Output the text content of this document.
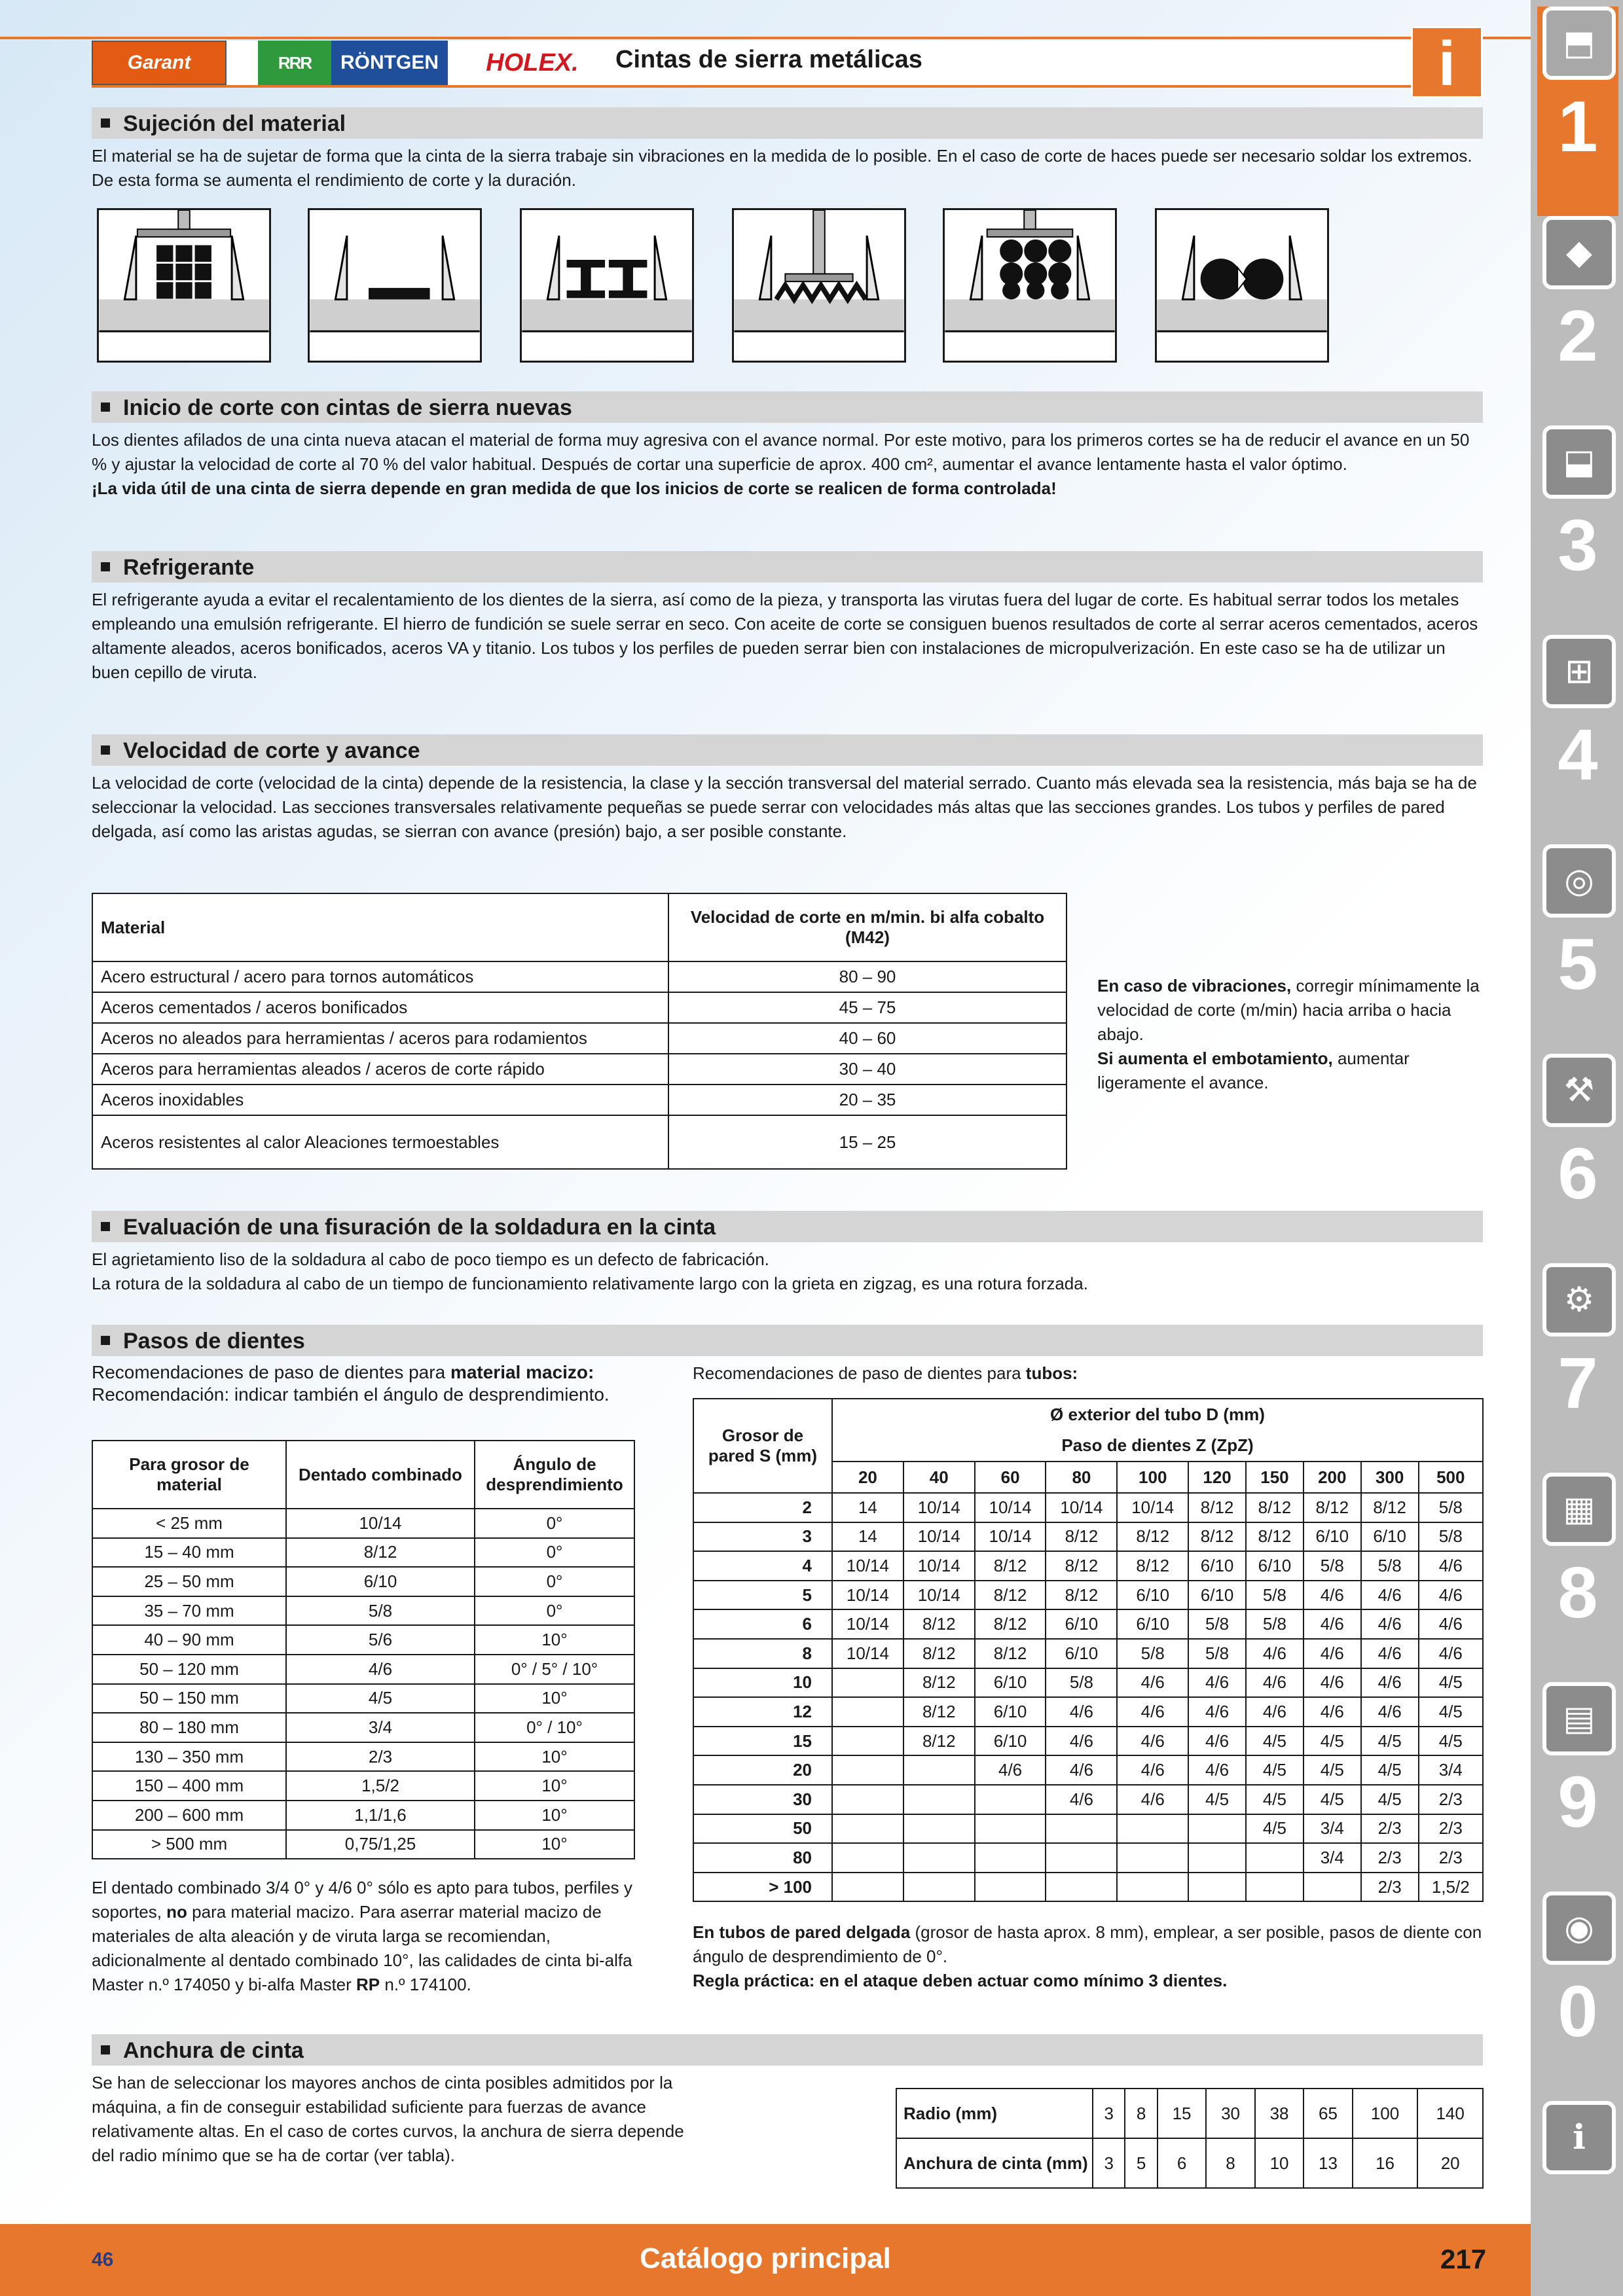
Garant	RRR	RÖNTGEN	HOLEX.	Cintas de sierra metálicas	i
Sujeción del material
El material se ha de sujetar de forma que la cinta de la sierra trabaje sin vibraciones en la medida de lo posible. En el caso de corte de haces puede ser necesario soldar los extremos. De esta forma se aumenta el rendimiento de corte y la duración.
Inicio de corte con cintas de sierra nuevas
Los dientes afilados de una cinta nueva atacan el material de forma muy agresiva con el avance normal. Por este motivo, para los primeros cortes se ha de reducir el avance en un 50 % y ajustar la velocidad de corte al 70 % del valor habitual. Después de cortar una superficie de aprox. 400 cm², aumentar el avance lentamente hasta el valor óptimo.
¡La vida útil de una cinta de sierra depende en gran medida de que los inicios de corte se realicen de forma controlada!
Refrigerante
El refrigerante ayuda a evitar el recalentamiento de los dientes de la sierra, así como de la pieza, y transporta las virutas fuera del lugar de corte. Es habitual serrar todos los metales empleando una emulsión refrigerante. El hierro de fundición se suele serrar en seco. Con aceite de corte se consiguen buenos resultados de corte al serrar aceros cementados, aceros altamente aleados, aceros bonificados, aceros VA y titanio. Los tubos y los perfiles de pueden serrar bien con instalaciones de micropulverización. En este caso se ha de utilizar un buen cepillo de viruta.
Velocidad de corte y avance
La velocidad de corte (velocidad de la cinta) depende de la resistencia, la clase y la sección transversal del material serrado. Cuanto más elevada sea la resistencia, más baja se ha de seleccionar la velocidad. Las secciones transversales relativamente pequeñas se puede serrar con velocidades más altas que las secciones grandes. Los tubos y perfiles de pared delgada, así como las aristas agudas, se sierran con avance (presión) bajo, a ser posible constante.
Material	Velocidad de corte en m/min. bi alfa cobalto (M42)
Acero estructural / acero para tornos automáticos	80 – 90
Aceros cementados / aceros bonificados	45 – 75
Aceros no aleados para herramientas / aceros para rodamientos	40 – 60
Aceros para herramientas aleados / aceros de corte rápido	30 – 40
Aceros inoxidables	20 – 35
Aceros resistentes al calor Aleaciones termoestables	15 – 25
En caso de vibraciones, corregir mínimamente la velocidad de corte (m/min) hacia arriba o hacia abajo.
Si aumenta el embotamiento, aumentar ligeramente el avance.
Evaluación de una fisuración de la soldadura en la cinta
El agrietamiento liso de la soldadura al cabo de poco tiempo es un defecto de fabricación.
La rotura de la soldadura al cabo de un tiempo de funcionamiento relativamente largo con la grieta en zigzag, es una rotura forzada.
Pasos de dientes
Recomendaciones de paso de dientes para material macizo:
Recomendación: indicar también el ángulo de desprendimiento.
Recomendaciones de paso de dientes para tubos:
Para grosor de material	Dentado combinado	Ángulo de desprendimiento
< 25 mm	10/14	0°
15 – 40 mm	8/12	0°
25 – 50 mm	6/10	0°
35 – 70 mm	5/8	0°
40 – 90 mm	5/6	10°
50 – 120 mm	4/6	0° / 5° / 10°
50 – 150 mm	4/5	10°
80 – 180 mm	3/4	0° / 10°
130 – 350 mm	2/3	10°
150 – 400 mm	1,5/2	10°
200 – 600 mm	1,1/1,6	10°
> 500 mm	0,75/1,25	10°
Grosor de pared S (mm)	Ø exterior del tubo D (mm)									
	Paso de dientes Z (ZpZ)									
	20	40	60	80	100	120	150	200	300	500
2	14	10/14	10/14	10/14	10/14	8/12	8/12	8/12	8/12	5/8
3	14	10/14	10/14	8/12	8/12	8/12	8/12	6/10	6/10	5/8
4	10/14	10/14	8/12	8/12	8/12	6/10	6/10	5/8	5/8	4/6
5	10/14	10/14	8/12	8/12	6/10	6/10	5/8	4/6	4/6	4/6
6	10/14	8/12	8/12	6/10	6/10	5/8	5/8	4/6	4/6	4/6
8	10/14	8/12	8/12	6/10	5/8	5/8	4/6	4/6	4/6	4/6
10		8/12	6/10	5/8	4/6	4/6	4/6	4/6	4/6	4/5
12		8/12	6/10	4/6	4/6	4/6	4/6	4/6	4/6	4/5
15		8/12	6/10	4/6	4/6	4/6	4/5	4/5	4/5	4/5
20			4/6	4/6	4/6	4/6	4/5	4/5	4/5	3/4
30				4/6	4/6	4/5	4/5	4/5	4/5	2/3
50							4/5	3/4	2/3	2/3
80								3/4	2/3	2/3
> 100									2/3	1,5/2
El dentado combinado 3/4 0° y 4/6 0° sólo es apto para tubos, perfiles y soportes, no para material macizo. Para aserrar material macizo de materiales de alta aleación y de viruta larga se recomiendan, adicionalmente al dentado combinado 10°, las calidades de cinta bi-alfa Master n.º 174050 y bi-alfa Master RP n.º 174100.
En tubos de pared delgada (grosor de hasta aprox. 8 mm), emplear, a ser posible, pasos de diente con ángulo de desprendimiento de 0°.
Regla práctica: en el ataque deben actuar como mínimo 3 dientes.
Anchura de cinta
Se han de seleccionar los mayores anchos de cinta posibles admitidos por la máquina, a fin de conseguir estabilidad suficiente para fuerzas de avance relativamente altas. En el caso de cortes curvos, la anchura de sierra depende del radio mínimo que se ha de cortar (ver tabla).
Radio (mm)	3	8	15	30	38	65	100	140
Anchura de cinta (mm)	3	5	6	8	10	13	16	20
46	Catálogo principal	217
⬒
1
◆
2
⬓
3
⊞
4
◎
5
⚒
6
⚙
7
▦
8
▤
9
◉
0
ℹ
